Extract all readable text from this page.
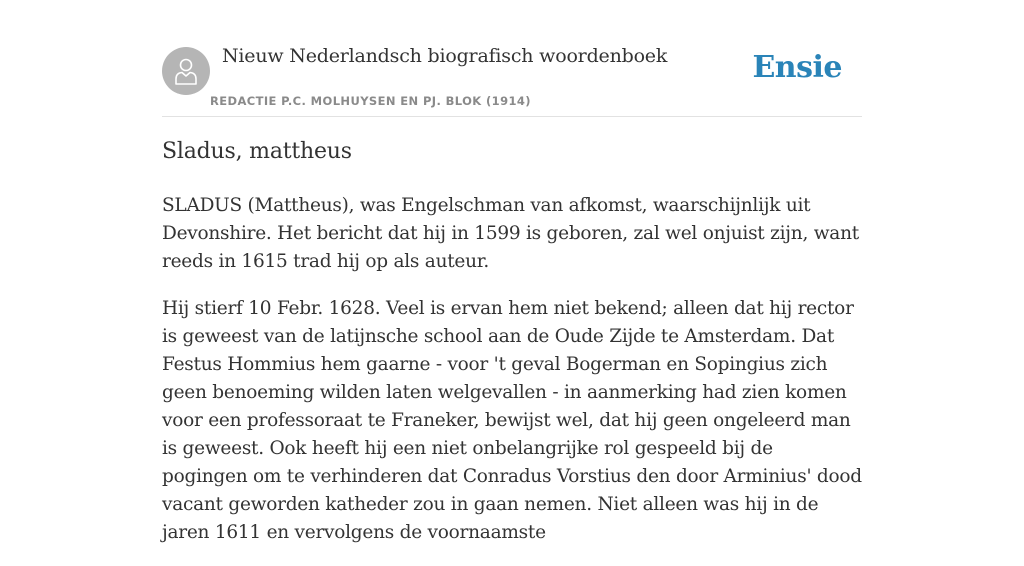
Nieuw Nederlandsch biografisch woordenboek
REDACTIE P.C. MOLHUYSEN EN PJ. BLOK (1914)
Ensie
Sladus, mattheus

SLADUS (Mattheus), was Engelschman van afkomst, waarschijnlijk uit Devonshire. Het bericht dat hij in 1599 is geboren, zal wel onjuist zijn, want reeds in 1615 trad hij op als auteur.

Hij stierf 10 Febr. 1628. Veel is ervan hem niet bekend; alleen dat hij rector is geweest van de latijnsche school aan de Oude Zijde te Amsterdam. Dat Festus Hommius hem gaarne - voor 't geval Bogerman en Sopingius zich geen benoeming wilden laten welgevallen - in aanmerking had zien komen voor een professoraat te Franeker, bewijst wel, dat hij geen ongeleerd man is geweest. Ook heeft hij een niet onbelangrijke rol gespeeld bij de pogingen om te verhinderen dat Conradus Vorstius den door Arminius' dood vacant geworden katheder zou in gaan nemen. Niet alleen was hij in de jaren 1611 en vervolgens de voornaamste
